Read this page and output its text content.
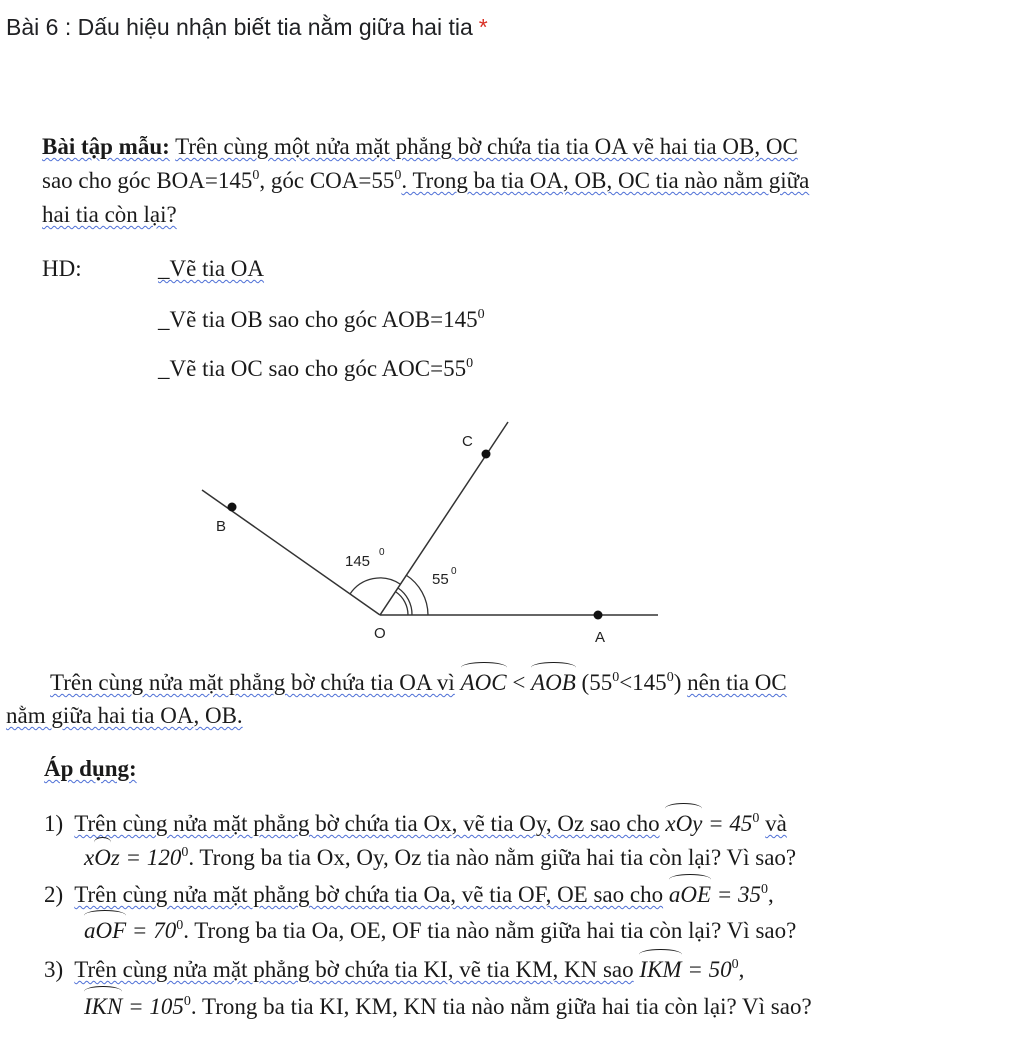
Bài 6 : Dấu hiệu nhận biết tia nằm giữa hai tia *
Bài tập mẫu: Trên cùng một nửa mặt phẳng bờ chứa tia tia OA vẽ hai tia OB, OC
sao cho góc $BOA=145^0$, góc $COA=55^0$. Trong ba tia OA, OB, OC tia nào nằm giữa
hai tia còn lại?
HD:	_Vẽ tia OA
_Vẽ tia OB sao cho góc $AOB=145^0$
_Vẽ tia OC sao cho góc $AOC=55^0$
C
B
O	A
145
0
55 0
Trên cùng nửa mặt phẳng bờ chứa tia OA vì AOC < AOB $(55^0<145^0)$ nên tia OC
nằm giữa hai tia OA, OB.
Áp dụng:
1) Trên cùng nửa mặt phẳng bờ chứa tia Ox, vẽ tia Oy, Oz sao cho xOy = $45^0$ và
xOz = $120^0$. Trong ba tia Ox, Oy, Oz tia nào nằm giữa hai tia còn lại? Vì sao?
2) Trên cùng nửa mặt phẳng bờ chứa tia Oa, vẽ tia OF, OE sao cho aOE = $35^0$,
aOF = $70^0$. Trong ba tia Oa, OE, OF tia nào nằm giữa hai tia còn lại? Vì sao?
3) Trên cùng nửa mặt phẳng bờ chứa tia KI, vẽ tia KM, KN sao IKM = $50^0$,
IKN = $105^0$. Trong ba tia KI, KM, KN tia nào nằm giữa hai tia còn lại? Vì sao?
